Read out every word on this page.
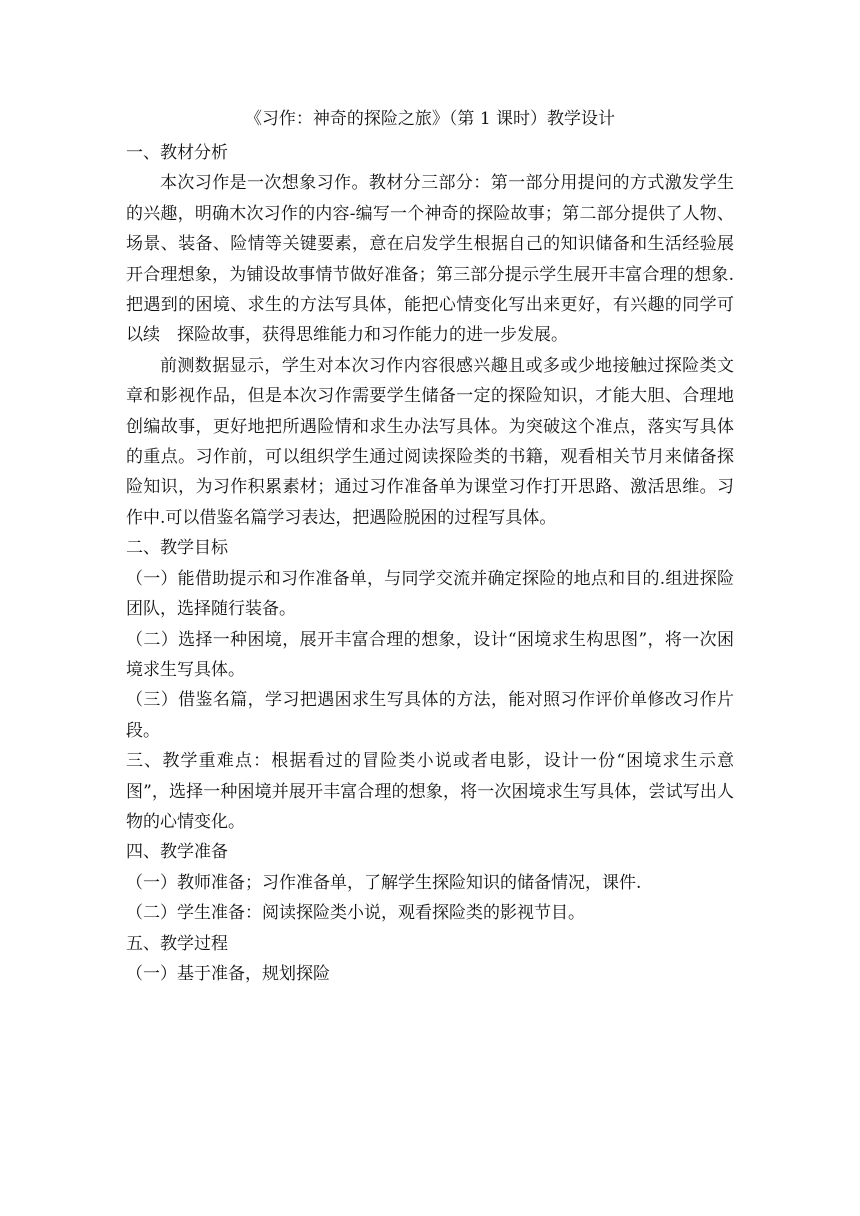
《习作：神奇的探险之旅》（第 1 课时）教学设计

一、教材分析

本次习作是一次想象习作。教材分三部分：第一部分用提问的方式激发学生的兴趣，明确木次习作的内容-编写一个神奇的探险故事；第二部分提供了人物、场景、装备、险情等关键要素，意在启发学生根据自己的知识储备和生活经验展开合理想象，为铺设故事情节做好准备；第三部分提示学生展开丰富合理的想象.把遇到的困境、求生的方法写具体，能把心情变化写出来更好，有兴趣的同学可以续　探险故事，获得思维能力和习作能力的进一步发展。

前测数据显示，学生对本次习作内容很感兴趣且或多或少地接触过探险类文章和影视作品，但是本次习作需要学生储备一定的探险知识，才能大胆、合理地创编故事，更好地把所遇险情和求生办法写具体。为突破这个准点，落实写具体的重点。习作前，可以组织学生通过阅读探险类的书籍，观看相关节月来储备探险知识，为习作积累素材；通过习作准备单为课堂习作打开思路、激活思维。习作中.可以借鉴名篇学习表达，把遇险脱困的过程写具体。

二、教学目标

（一）能借助提示和习作准备单，与同学交流并确定探险的地点和目的.组进探险团队，选择随行装备。

（二）选择一种困境，展开丰富合理的想象，设计“困境求生构思图”，将一次困境求生写具体。

（三）借鉴名篇，学习把遇困求生写具体的方法，能对照习作评价单修改习作片段。

三、教学重难点：根据看过的冒险类小说或者电影，设计一份“困境求生示意图”，选择一种困境并展开丰富合理的想象，将一次困境求生写具体，尝试写出人物的心情变化。

四、教学准备

（一）教师准备；习作准备单，了解学生探险知识的储备情况，课件.

（二）学生准备：阅读探险类小说，观看探险类的影视节目。

五、教学过程

（一）基于准备，规划探险
